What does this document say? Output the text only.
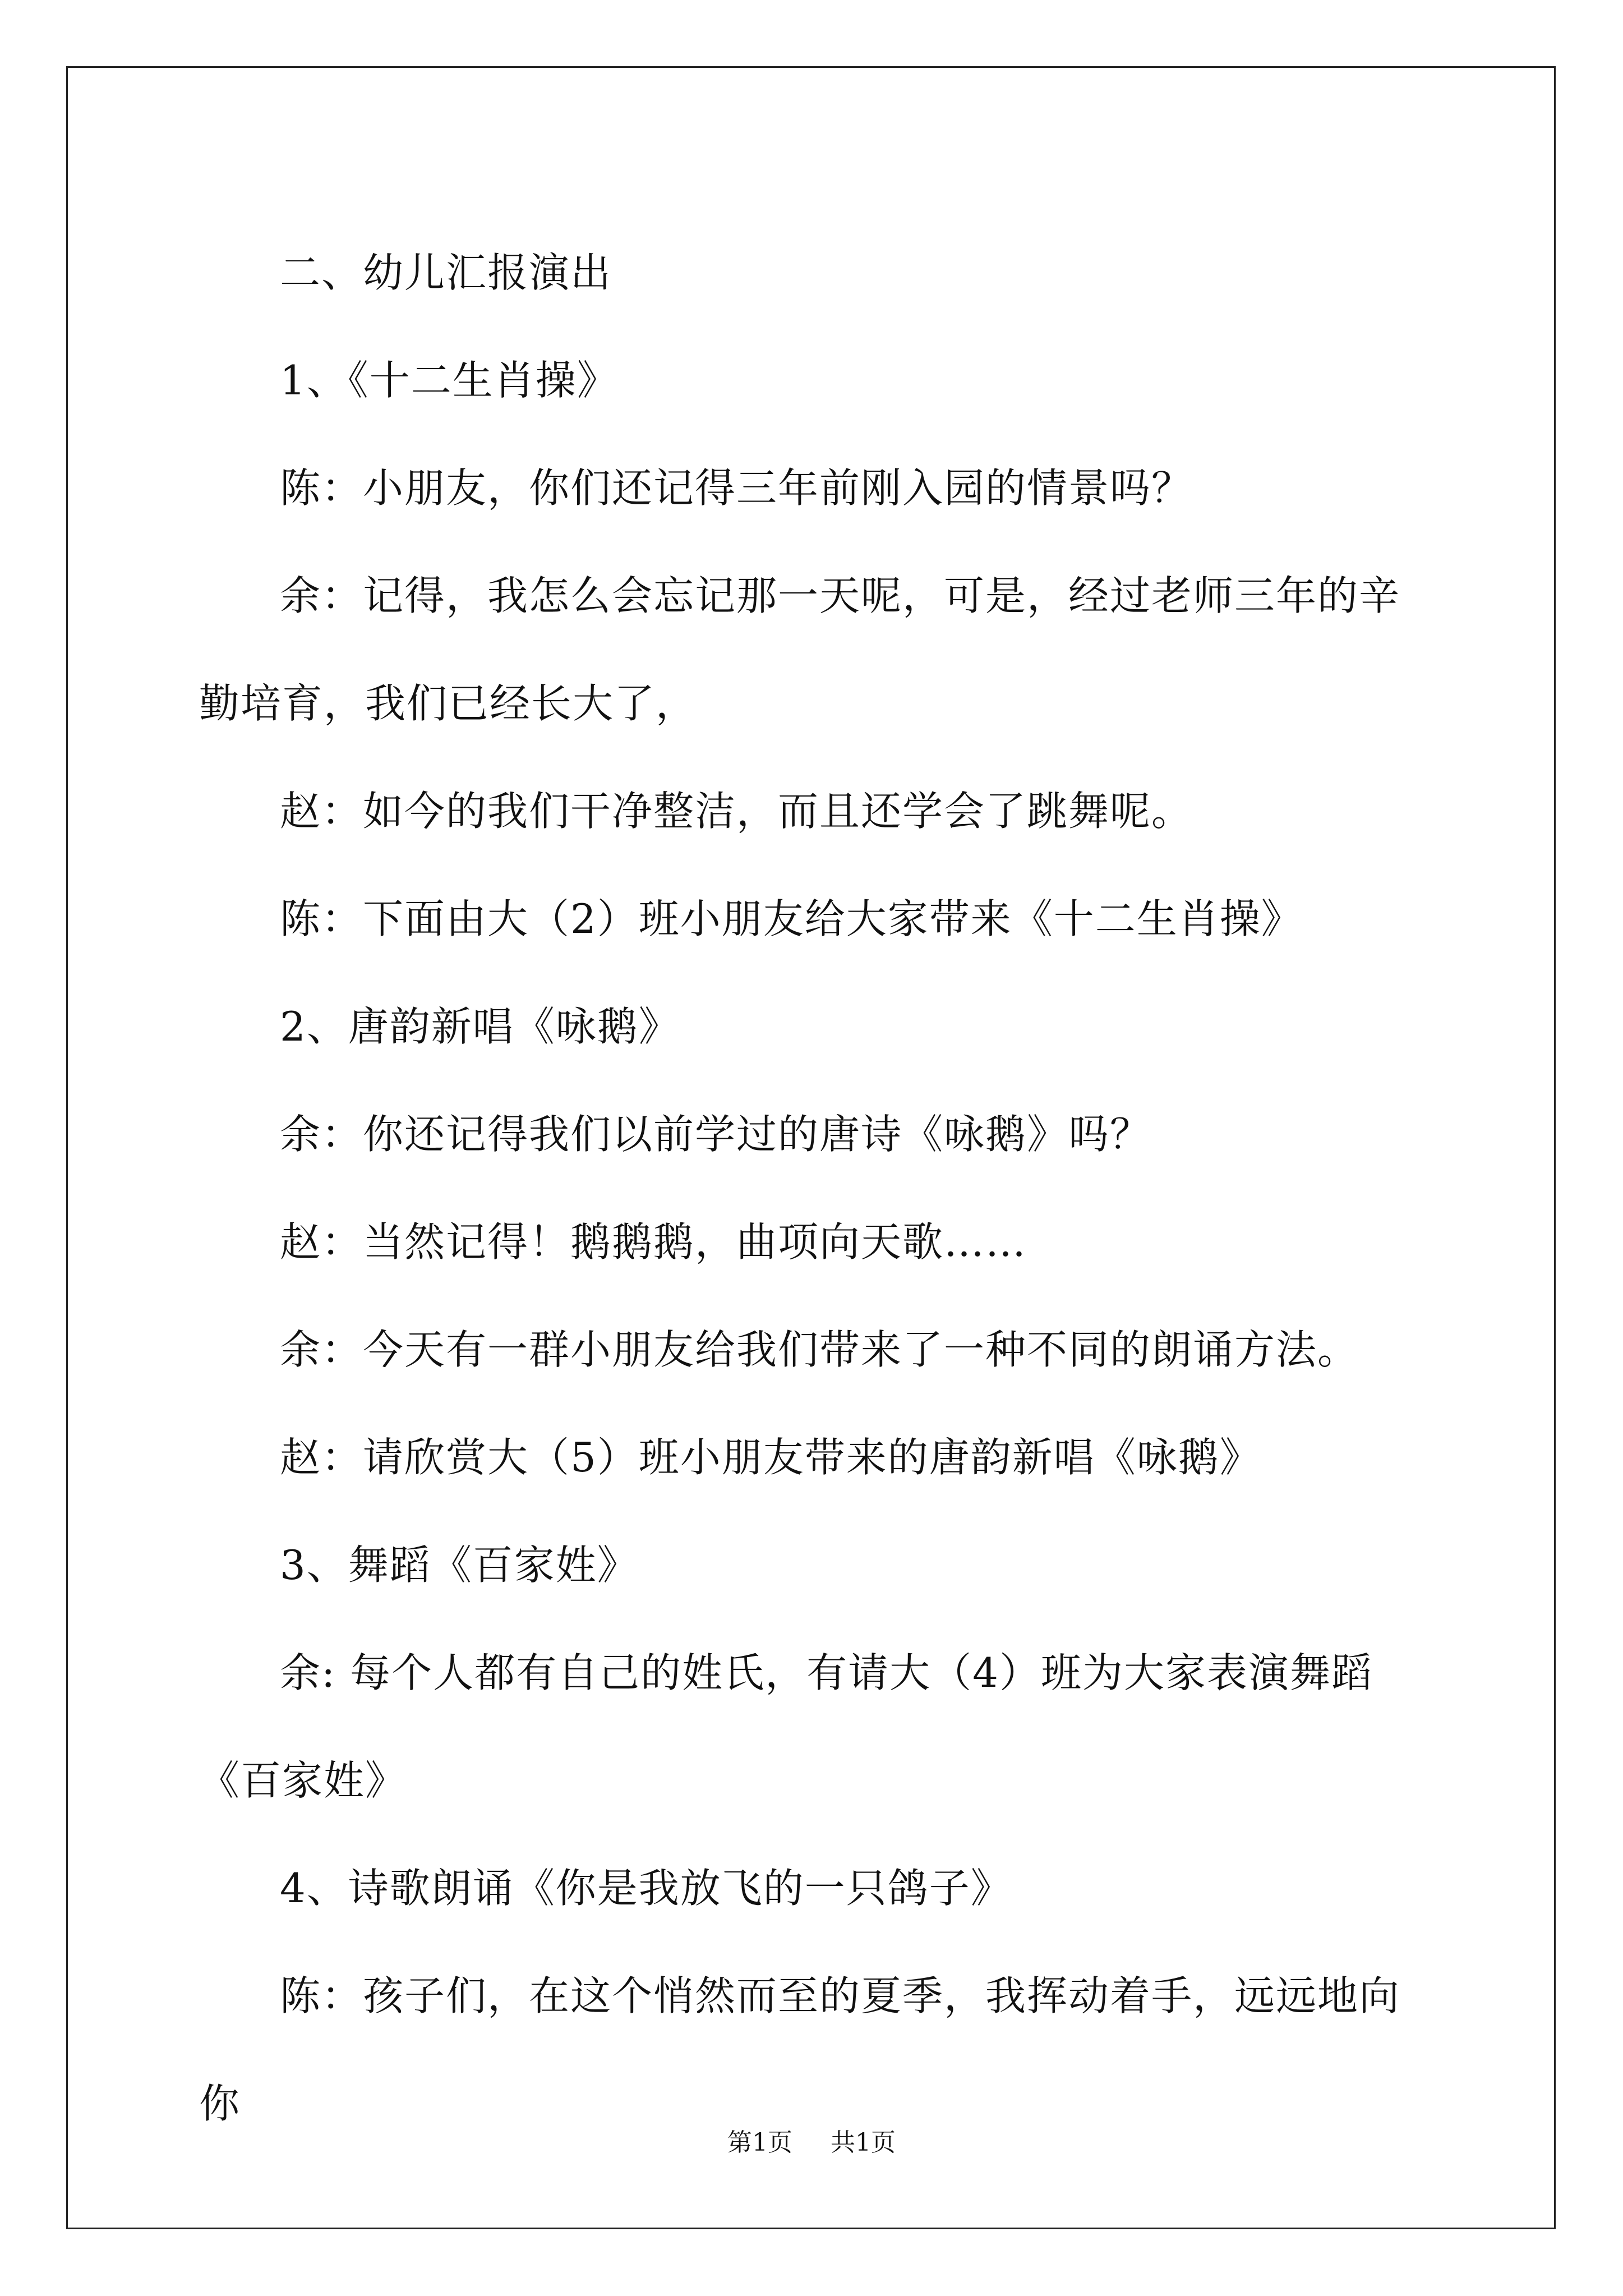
二、幼儿汇报演出

1、《十二生肖操》

陈：小朋友，你们还记得三年前刚入园的情景吗？

余：记得，我怎么会忘记那一天呢，可是，经过老师三年的辛勤培育，我们已经长大了，

赵：如今的我们干净整洁，而且还学会了跳舞呢。

陈：下面由大（2）班小朋友给大家带来《十二生肖操》

2、唐韵新唱《咏鹅》

余：你还记得我们以前学过的唐诗《咏鹅》吗？

赵：当然记得！鹅鹅鹅，曲项向天歌……

余：今天有一群小朋友给我们带来了一种不同的朗诵方法。

赵：请欣赏大（5）班小朋友带来的唐韵新唱《咏鹅》

3、舞蹈《百家姓》

余: 每个人都有自己的姓氏，有请大（4）班为大家表演舞蹈《百家姓》

4、诗歌朗诵《你是我放飞的一只鸽子》

陈：孩子们，在这个悄然而至的夏季，我挥动着手，远远地向你

第1页 共1页
